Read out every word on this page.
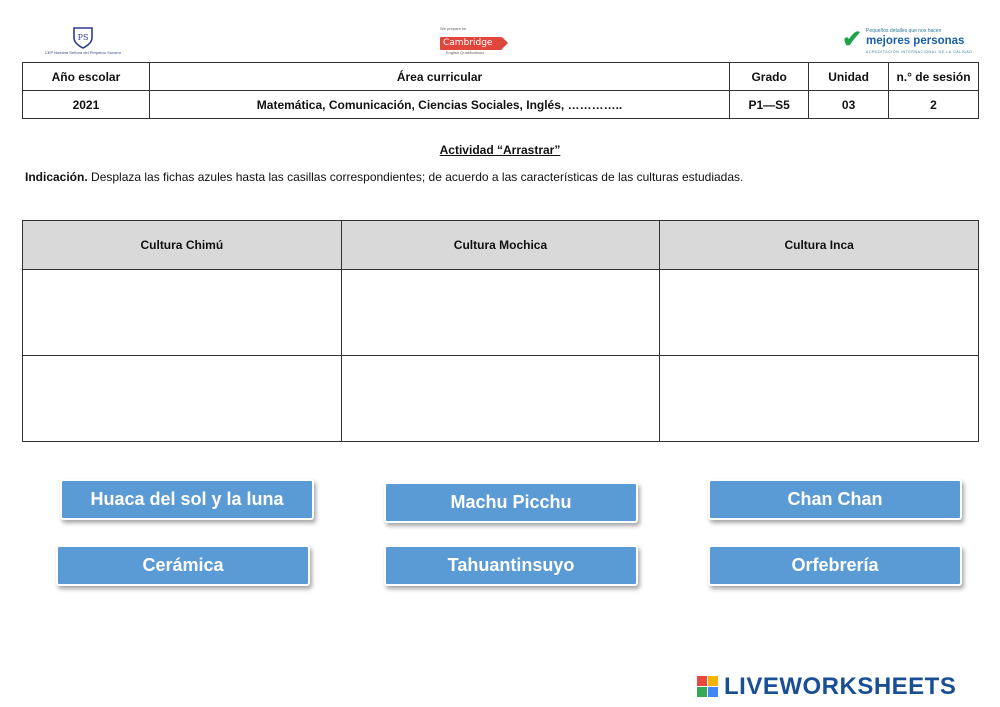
PS
CEP Nuestra Señora del Perpetuo Socorro
We prepare for
Cambridge
English Qualifications	✔ Pequeños detalles que nos hacen
mejores personas
ACREDITACIÓN INTERNACIONAL DE LA CALIDAD
Año escolar	Área curricular	Grado	Unidad	n.° de sesión
2021	Matemática, Comunicación, Ciencias Sociales, Inglés, …………..	P1—S5	03	2
Actividad “Arrastrar”
Indicación. Desplaza las fichas azules hasta las casillas correspondientes; de acuerdo a las características de las culturas estudiadas.
Cultura Chimú	Cultura Mochica	Cultura Inca

Huaca del sol y la luna	Machu Picchu	Chan Chan
Cerámica	Tahuantinsuyo	Orfebrería
LIVEWORKSHEETS
